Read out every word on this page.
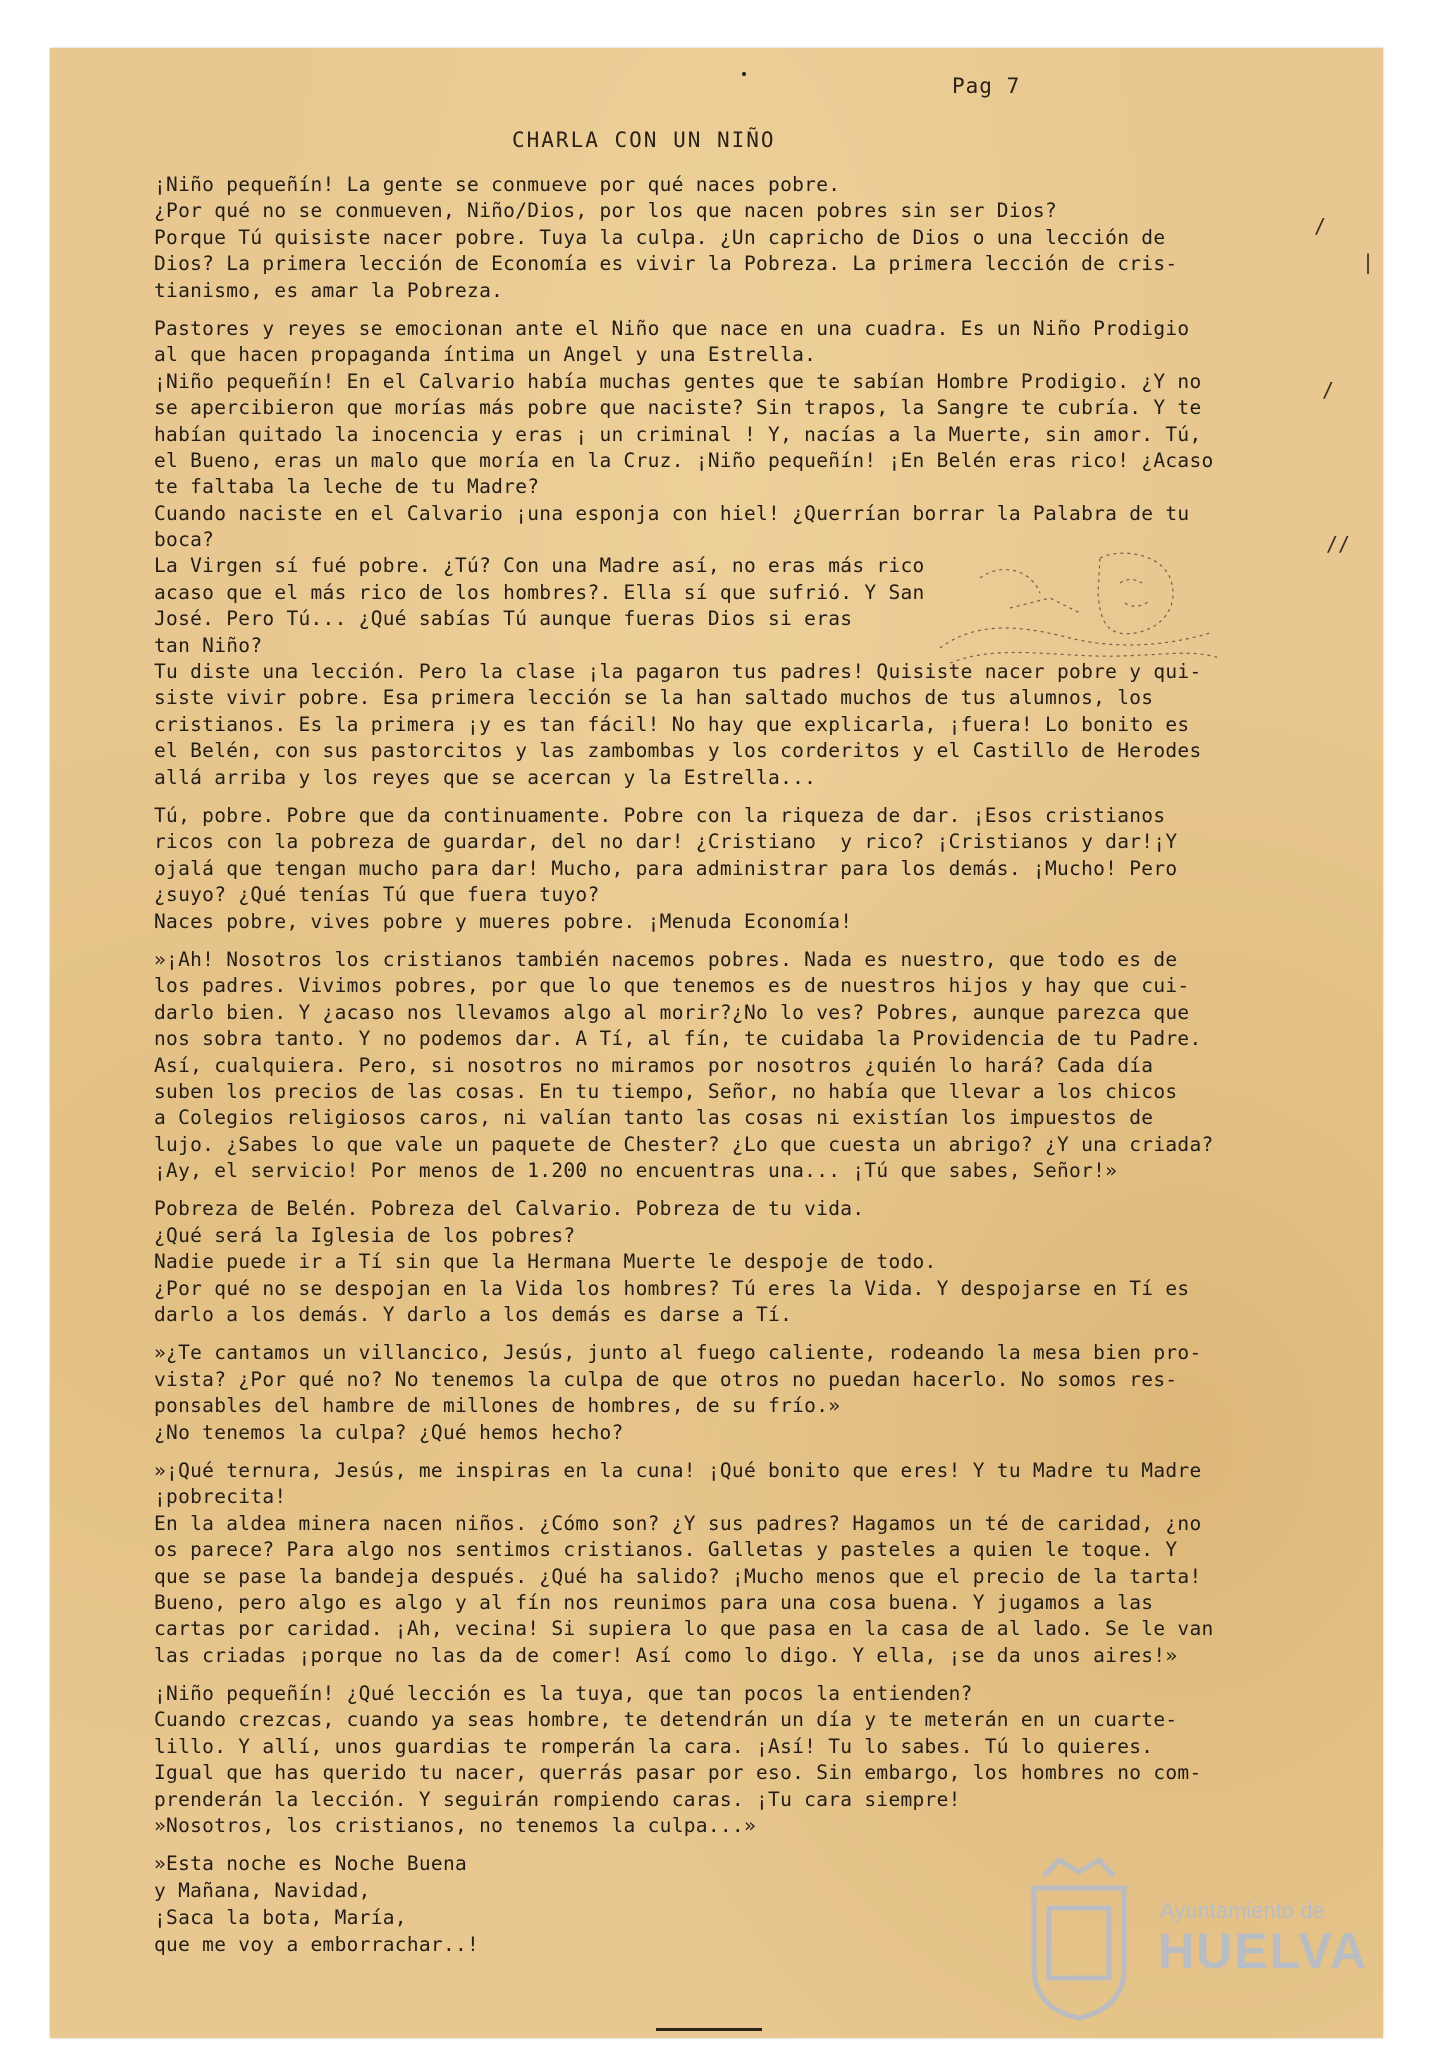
/
|
/
//
Pag 7
CHARLA CON UN NIÑO
¡Niño pequeñín! La gente se conmueve por qué naces pobre.
¿Por qué no se conmueven, Niño/Dios, por los que nacen pobres sin ser Dios?
Porque Tú quisiste nacer pobre. Tuya la culpa. ¿Un capricho de Dios o una lección de
Dios? La primera lección de Economía es vivir la Pobreza. La primera lección de cris-
tianismo, es amar la Pobreza.
Pastores y reyes se emocionan ante el Niño que nace en una cuadra. Es un Niño Prodigio
al que hacen propaganda íntima un Angel y una Estrella.
¡Niño pequeñín! En el Calvario había muchas gentes que te sabían Hombre Prodigio. ¿Y no
se apercibieron que morías más pobre que naciste? Sin trapos, la Sangre te cubría. Y te
habían quitado la inocencia y eras ¡ un criminal ! Y, nacías a la Muerte, sin amor. Tú,
el Bueno, eras un malo que moría en la Cruz. ¡Niño pequeñín! ¡En Belén eras rico! ¿Acaso
te faltaba la leche de tu Madre?
Cuando naciste en el Calvario ¡una esponja con hiel! ¿Querrían borrar la Palabra de tu
boca?
La Virgen sí fué pobre. ¿Tú? Con una Madre así, no eras más rico
acaso que el más rico de los hombres?. Ella sí que sufrió. Y San
José. Pero Tú... ¿Qué sabías Tú aunque fueras Dios si eras
tan Niño?
Tu diste una lección. Pero la clase ¡la pagaron tus padres! Quisiste nacer pobre y qui-
siste vivir pobre. Esa primera lección se la han saltado muchos de tus alumnos, los
cristianos. Es la primera ¡y es tan fácil! No hay que explicarla, ¡fuera! Lo bonito es
el Belén, con sus pastorcitos y las zambombas y los corderitos y el Castillo de Herodes
allá arriba y los reyes que se acercan y la Estrella...
Tú, pobre. Pobre que da continuamente. Pobre con la riqueza de dar. ¡Esos cristianos
ricos con la pobreza de guardar, del no dar! ¿Cristiano  y rico? ¡Cristianos y dar!¡Y
ojalá que tengan mucho para dar! Mucho, para administrar para los demás. ¡Mucho! Pero
¿suyo? ¿Qué tenías Tú que fuera tuyo?
Naces pobre, vives pobre y mueres pobre. ¡Menuda Economía!
»¡Ah! Nosotros los cristianos también nacemos pobres. Nada es nuestro, que todo es de
los padres. Vivimos pobres, por que lo que tenemos es de nuestros hijos y hay que cui-
darlo bien. Y ¿acaso nos llevamos algo al morir?¿No lo ves? Pobres, aunque parezca que
nos sobra tanto. Y no podemos dar. A Tí, al fín, te cuidaba la Providencia de tu Padre.
Así, cualquiera. Pero, si nosotros no miramos por nosotros ¿quién lo hará? Cada día
suben los precios de las cosas. En tu tiempo, Señor, no había que llevar a los chicos
a Colegios religiosos caros, ni valían tanto las cosas ni existían los impuestos de
lujo. ¿Sabes lo que vale un paquete de Chester? ¿Lo que cuesta un abrigo? ¿Y una criada?
¡Ay, el servicio! Por menos de 1.200 no encuentras una... ¡Tú que sabes, Señor!»
Pobreza de Belén. Pobreza del Calvario. Pobreza de tu vida.
¿Qué será la Iglesia de los pobres?
Nadie puede ir a Tí sin que la Hermana Muerte le despoje de todo.
¿Por qué no se despojan en la Vida los hombres? Tú eres la Vida. Y despojarse en Tí es
darlo a los demás. Y darlo a los demás es darse a Tí.
»¿Te cantamos un villancico, Jesús, junto al fuego caliente, rodeando la mesa bien pro-
vista? ¿Por qué no? No tenemos la culpa de que otros no puedan hacerlo. No somos res-
ponsables del hambre de millones de hombres, de su frío.»
¿No tenemos la culpa? ¿Qué hemos hecho?
»¡Qué ternura, Jesús, me inspiras en la cuna! ¡Qué bonito que eres! Y tu Madre tu Madre
¡pobrecita!
En la aldea minera nacen niños. ¿Cómo son? ¿Y sus padres? Hagamos un té de caridad, ¿no
os parece? Para algo nos sentimos cristianos. Galletas y pasteles a quien le toque. Y
que se pase la bandeja después. ¿Qué ha salido? ¡Mucho menos que el precio de la tarta!
Bueno, pero algo es algo y al fín nos reunimos para una cosa buena. Y jugamos a las
cartas por caridad. ¡Ah, vecina! Si supiera lo que pasa en la casa de al lado. Se le van
las criadas ¡porque no las da de comer! Así como lo digo. Y ella, ¡se da unos aires!»
¡Niño pequeñín! ¿Qué lección es la tuya, que tan pocos la entienden?
Cuando crezcas, cuando ya seas hombre, te detendrán un día y te meterán en un cuarte-
lillo. Y allí, unos guardias te romperán la cara. ¡Así! Tu lo sabes. Tú lo quieres.
Igual que has querido tu nacer, querrás pasar por eso. Sin embargo, los hombres no com-
prenderán la lección. Y seguirán rompiendo caras. ¡Tu cara siempre!
»Nosotros, los cristianos, no tenemos la culpa...»
»Esta noche es Noche Buena
y Mañana, Navidad,
¡Saca la bota, María,
que me voy a emborrachar..!
Ayuntamiento de
HUELVA
